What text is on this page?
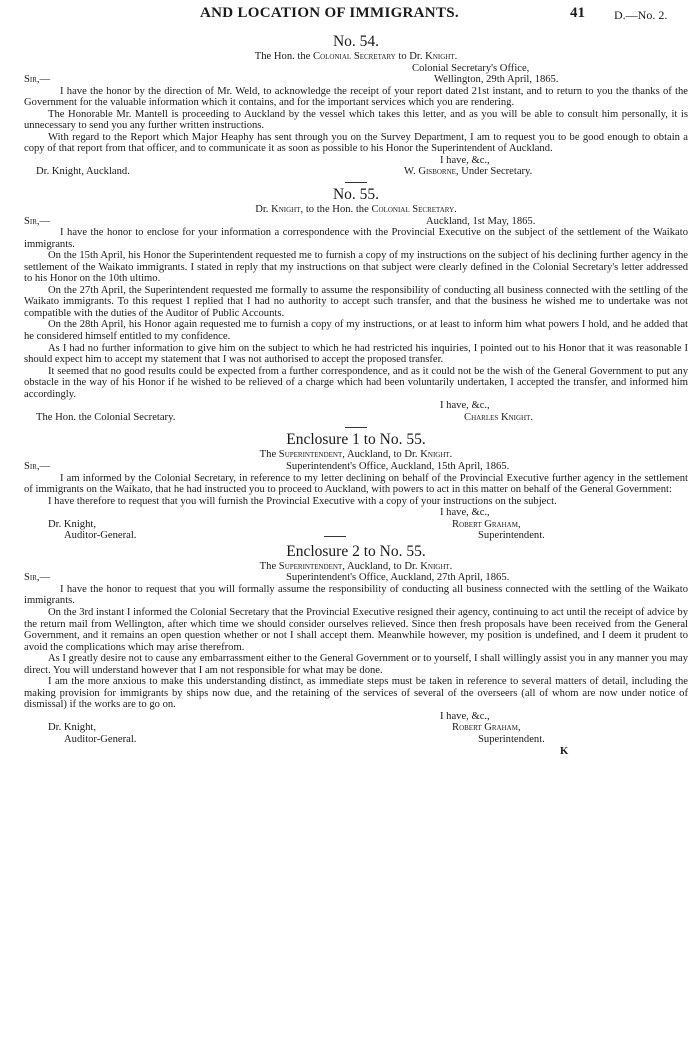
AND LOCATION OF IMMIGRANTS.	41 D.—No. 2.
No. 54.
The Hon. the Colonial Secretary to Dr. Knight.
Colonial Secretary's Office,
Sir,—	Wellington, 29th April, 1865.

I have the honor by the direction of Mr. Weld, to acknowledge the receipt of your report dated 21st instant, and to return to you the thanks of the Government for the valuable information which it contains, and for the important services which you are rendering.

The Honorable Mr. Mantell is proceeding to Auckland by the vessel which takes this letter, and as you will be able to consult him personally, it is unnecessary to send you any further written instructions.

With regard to the Report which Major Heaphy has sent through you on the Survey Department, I am to request you to be good enough to obtain a copy of that report from that officer, and to communicate it as soon as possible to his Honor the Superintendent of Auckland.

I have, &c.,
Dr. Knight, Auckland.	W. Gisborne, Under Secretary.
No. 55.
Dr. Knight, to the Hon. the Colonial Secretary.
Sir,—	Auckland, 1st May, 1865.

I have the honor to enclose for your information a correspondence with the Provincial Executive on the subject of the settlement of the Waikato immigrants.

On the 15th April, his Honor the Superintendent requested me to furnish a copy of my instructions on the subject of his declining further agency in the settlement of the Waikato immigrants. I stated in reply that my instructions on that subject were clearly defined in the Colonial Secretary's letter addressed to his Honor on the 10th ultimo.

On the 27th April, the Superintendent requested me formally to assume the responsibility of conducting all business connected with the settling of the Waikato immigrants. To this request I replied that I had no authority to accept such transfer, and that the business he wished me to undertake was not compatible with the duties of the Auditor of Public Accounts.

On the 28th April, his Honor again requested me to furnish a copy of my instructions, or at least to inform him what powers I hold, and he added that he considered himself entitled to my confidence.

As I had no further information to give him on the subject to which he had restricted his inquiries, I pointed out to his Honor that it was reasonable I should expect him to accept my statement that I was not authorised to accept the proposed transfer.

It seemed that no good results could be expected from a further correspondence, and as it could not be the wish of the General Government to put any obstacle in the way of his Honor if he wished to be relieved of a charge which had been voluntarily undertaken, I accepted the transfer, and informed him accordingly.

I have, &c.,
The Hon. the Colonial Secretary.	Charles Knight.
Enclosure 1 to No. 55.
The Superintendent, Auckland, to Dr. Knight.
Sir,—	Superintendent's Office, Auckland, 15th April, 1865.

I am informed by the Colonial Secretary, in reference to my letter declining on behalf of the Provincial Executive further agency in the settlement of immigrants on the Waikato, that he had instructed you to proceed to Auckland, with powers to act in this matter on behalf of the General Government:

I have therefore to request that you will furnish the Provincial Executive with a copy of your instructions on the subject.

I have, &c.,
Dr. Knight,	Robert Graham,
Auditor-General.	Superintendent.
Enclosure 2 to No. 55.
The Superintendent, Auckland, to Dr. Knight.
Sir,—	Superintendent's Office, Auckland, 27th April, 1865.

I have the honor to request that you will formally assume the responsibility of conducting all business connected with the settling of the Waikato immigrants.

On the 3rd instant I informed the Colonial Secretary that the Provincial Executive resigned their agency, continuing to act until the receipt of advice by the return mail from Wellington, after which time we should consider ourselves relieved. Since then fresh proposals have been received from the General Government, and it remains an open question whether or not I shall accept them. Meanwhile however, my position is undefined, and I deem it prudent to avoid the complications which may arise therefrom.

As I greatly desire not to cause any embarrassment either to the General Government or to yourself, I shall willingly assist you in any manner you may direct. You will understand however that I am not responsible for what may be done.

I am the more anxious to make this understanding distinct, as immediate steps must be taken in reference to several matters of detail, including the making provision for immigrants by ships now due, and the retaining of the services of several of the overseers (all of whom are now under notice of dismissal) if the works are to go on.

I have, &c.,
Dr. Knight,	Robert Graham,
Auditor-General.	Superintendent.
K
